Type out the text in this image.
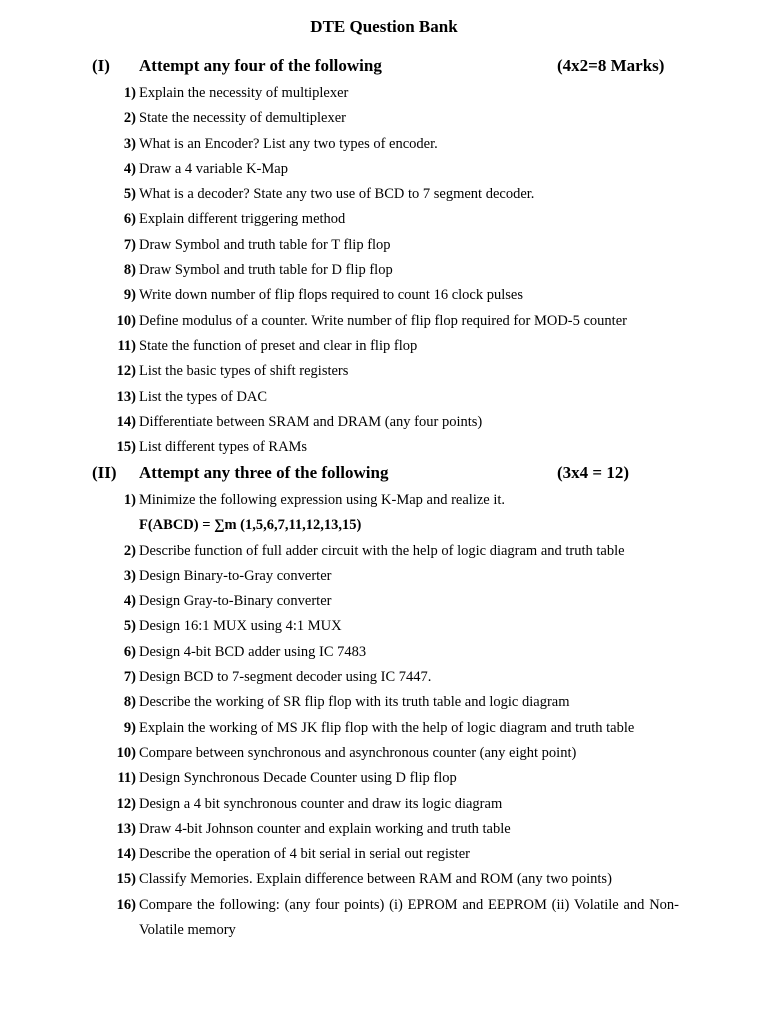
DTE Question Bank
(I) Attempt any four of the following	(4x2=8 Marks)
1) Explain the necessity of multiplexer
2) State the necessity of demultiplexer
3) What is an Encoder? List any two types of encoder.
4) Draw a 4 variable K-Map
5) What is a decoder? State any two use of BCD to 7 segment decoder.
6) Explain different triggering method
7) Draw Symbol and truth table for T flip flop
8) Draw Symbol and truth table for D flip flop
9) Write down number of flip flops required to count 16 clock pulses
10) Define modulus of a counter. Write number of flip flop required for MOD-5 counter
11) State the function of preset and clear in flip flop
12) List the basic types of shift registers
13) List the types of DAC
14) Differentiate between SRAM and DRAM (any four points)
15) List different types of RAMs
(II) Attempt any three of the following	(3x4 = 12)
1) Minimize the following expression using K-Map and realize it.
F(ABCD) = ∑m (1,5,6,7,11,12,13,15)
2) Describe function of full adder circuit with the help of logic diagram and truth table
3) Design Binary-to-Gray converter
4) Design Gray-to-Binary converter
5) Design 16:1 MUX using 4:1 MUX
6) Design 4-bit BCD adder using IC 7483
7) Design BCD to 7-segment decoder using IC 7447.
8) Describe the working of SR flip flop with its truth table and logic diagram
9) Explain the working of MS JK flip flop with the help of logic diagram and truth table
10) Compare between synchronous and asynchronous counter (any eight point)
11) Design Synchronous Decade Counter using D flip flop
12) Design a 4 bit synchronous counter and draw its logic diagram
13) Draw 4-bit Johnson counter and explain working and truth table
14) Describe the operation of 4 bit serial in serial out register
15) Classify Memories. Explain difference between RAM and ROM (any two points)
16) Compare the following: (any four points) (i) EPROM and EEPROM (ii) Volatile and Non-Volatile memory
